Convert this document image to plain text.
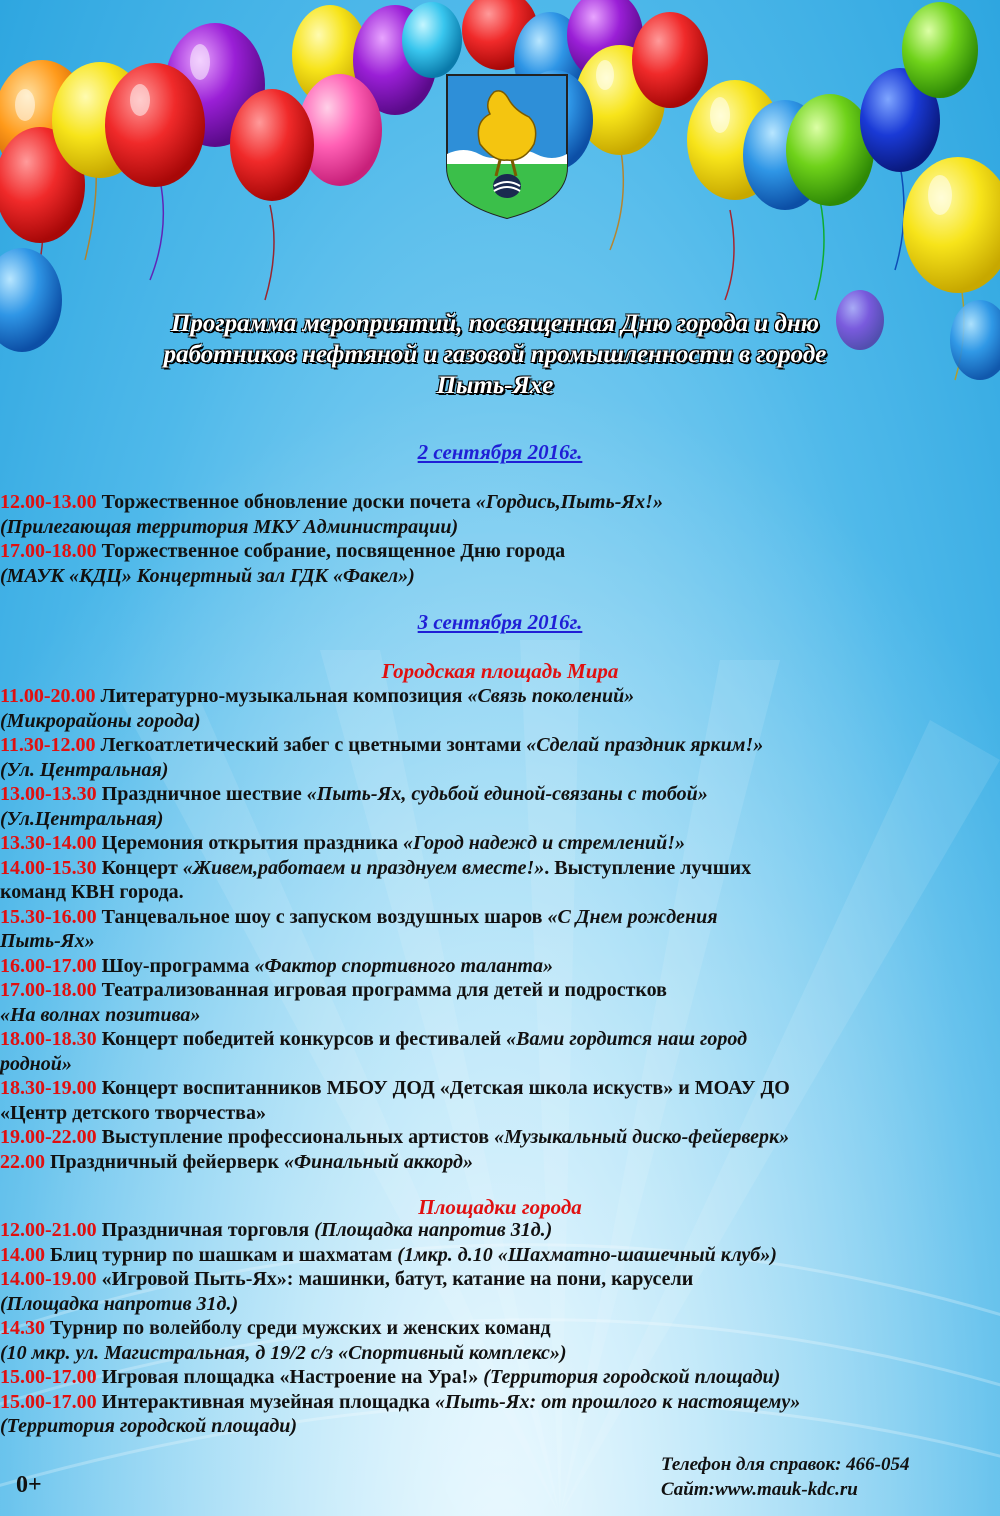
Программа мероприятий, посвященная Дню города и дню
работников нефтяной и газовой промышленности в городе
Пыть-Яхе
2 сентября 2016г.
12.00-13.00 Торжественное обновление доски почета «Гордись,Пыть-Ях!»
(Прилегающая территория МКУ Администрации)
17.00-18.00 Торжественное собрание, посвященное Дню города
(МАУК «КДЦ» Концертный зал ГДК «Факел»)
3 сентября 2016г.
Городская площадь Мира
11.00-20.00 Литературно-музыкальная композиция «Связь поколений»
(Микрорайоны города)
11.30-12.00 Легкоатлетический забег с цветными зонтами «Сделай праздник ярким!»
(Ул. Центральная)
13.00-13.30 Праздничное шествие «Пыть-Ях, судьбой единой-связаны с тобой»
(Ул.Центральная)
13.30-14.00 Церемония открытия праздника «Город надежд и стремлений!»
14.00-15.30 Концерт «Живем,работаем и празднуем вместе!». Выступление лучших
команд КВН города.
15.30-16.00 Танцевальное шоу с запуском воздушных шаров «С Днем рождения
Пыть-Ях»
16.00-17.00 Шоу-программа «Фактор спортивного таланта»
17.00-18.00 Театрализованная игровая программа для детей и подростков
«На волнах позитива»
18.00-18.30 Концерт победитей конкурсов и фестивалей «Вами гордится наш город
родной»
18.30-19.00 Концерт воспитанников МБОУ ДОД «Детская школа искуств» и МОАУ ДО
«Центр детского творчества»
19.00-22.00 Выступление профессиональных артистов «Музыкальный диско-фейерверк»
22.00 Праздничный фейерверк «Финальный аккорд»
Площадки города
12.00-21.00 Праздничная торговля (Площадка напротив 31д.)
14.00 Блиц турнир по шашкам и шахматам (1мкр. д.10 «Шахматно-шашечный клуб»)
14.00-19.00 «Игровой Пыть-Ях»: машинки, батут, катание на пони, карусели
(Площадка напротив 31д.)
14.30 Турнир по волейболу среди мужских и женских команд
(10 мкр. ул. Магистральная, д 19/2 с/з «Спортивный комплекс»)
15.00-17.00 Игровая площадка «Настроение на Ура!» (Территория городской площади)
15.00-17.00 Интерактивная музейная площадка «Пыть-Ях: от прошлого к настоящему»
(Территория городской площади)
0+
Телефон для справок: 466-054
Сайт:www.mauk-kdc.ru
